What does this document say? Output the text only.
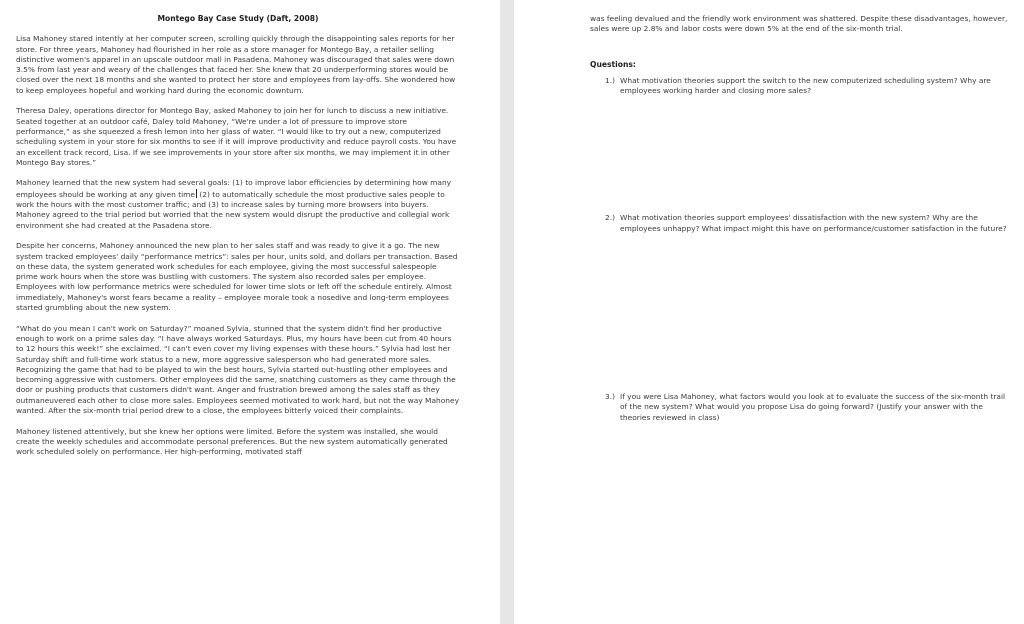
Montego Bay Case Study (Daft, 2008)

Lisa Mahoney stared intently at her computer screen, scrolling quickly through the disappointing sales reports for her store. For three years, Mahoney had flourished in her role as a store manager for Montego Bay, a retailer selling distinctive women's apparel in an upscale outdoor mall in Pasadena. Mahoney was discouraged that sales were down 3.5% from last year and weary of the challenges that faced her. She knew that 20 underperforming stores would be closed over the next 18 months and she wanted to protect her store and employees from lay-offs. She wondered how to keep employees hopeful and working hard during the economic downturn.

Theresa Daley, operations director for Montego Bay, asked Mahoney to join her for lunch to discuss a new initiative. Seated together at an outdoor café, Daley told Mahoney, “We're under a lot of pressure to improve store performance,” as she squeezed a fresh lemon into her glass of water. “I would like to try out a new, computerized scheduling system in your store for six months to see if it will improve productivity and reduce payroll costs. You have an excellent track record, Lisa. If we see improvements in your store after six months, we may implement it in other Montego Bay stores.”

Mahoney learned that the new system had several goals: (1) to improve labor efficiencies by determining how many employees should be working at any given time (2) to automatically schedule the most productive sales people to work the hours with the most customer traffic; and (3) to increase sales by turning more browsers into buyers. Mahoney agreed to the trial period but worried that the new system would disrupt the productive and collegial work environment she had created at the Pasadena store.

Despite her concerns, Mahoney announced the new plan to her sales staff and was ready to give it a go. The new system tracked employees' daily “performance metrics”: sales per hour, units sold, and dollars per transaction. Based on these data, the system generated work schedules for each employee, giving the most successful salespeople prime work hours when the store was bustling with customers. The system also recorded sales per employee. Employees with low performance metrics were scheduled for lower time slots or left off the schedule entirely. Almost immediately, Mahoney's worst fears became a reality – employee morale took a nosedive and long-term employees started grumbling about the new system.

“What do you mean I can't work on Saturday?” moaned Sylvia, stunned that the system didn't find her productive enough to work on a prime sales day. “I have always worked Saturdays. Plus, my hours have been cut from 40 hours to 12 hours this week!” she exclaimed. “I can't even cover my living expenses with these hours.” Sylvia had lost her Saturday shift and full-time work status to a new, more aggressive salesperson who had generated more sales. Recognizing the game that had to be played to win the best hours, Sylvia started out-hustling other employees and becoming aggressive with customers. Other employees did the same, snatching customers as they came through the door or pushing products that customers didn't want. Anger and frustration brewed among the sales staff as they outmaneuvered each other to close more sales. Employees seemed motivated to work hard, but not the way Mahoney wanted. After the six-month trial period drew to a close, the employees bitterly voiced their complaints.

Mahoney listened attentively, but she knew her options were limited. Before the system was installed, she would create the weekly schedules and accommodate personal preferences. But the new system automatically generated work scheduled solely on performance. Her high-performing, motivated staff

was feeling devalued and the friendly work environment was shattered. Despite these disadvantages, however, sales were up 2.8% and labor costs were down 5% at the end of the six-month trial.

Questions:
1.) What motivation theories support the switch to the new computerized scheduling system? Why are employees working harder and closing more sales?
2.) What motivation theories support employees' dissatisfaction with the new system? Why are the employees unhappy? What impact might this have on performance/customer satisfaction in the future?
3.) If you were Lisa Mahoney, what factors would you look at to evaluate the success of the six-month trail of the new system? What would you propose Lisa do going forward? (Justify your answer with the theories reviewed in class)
